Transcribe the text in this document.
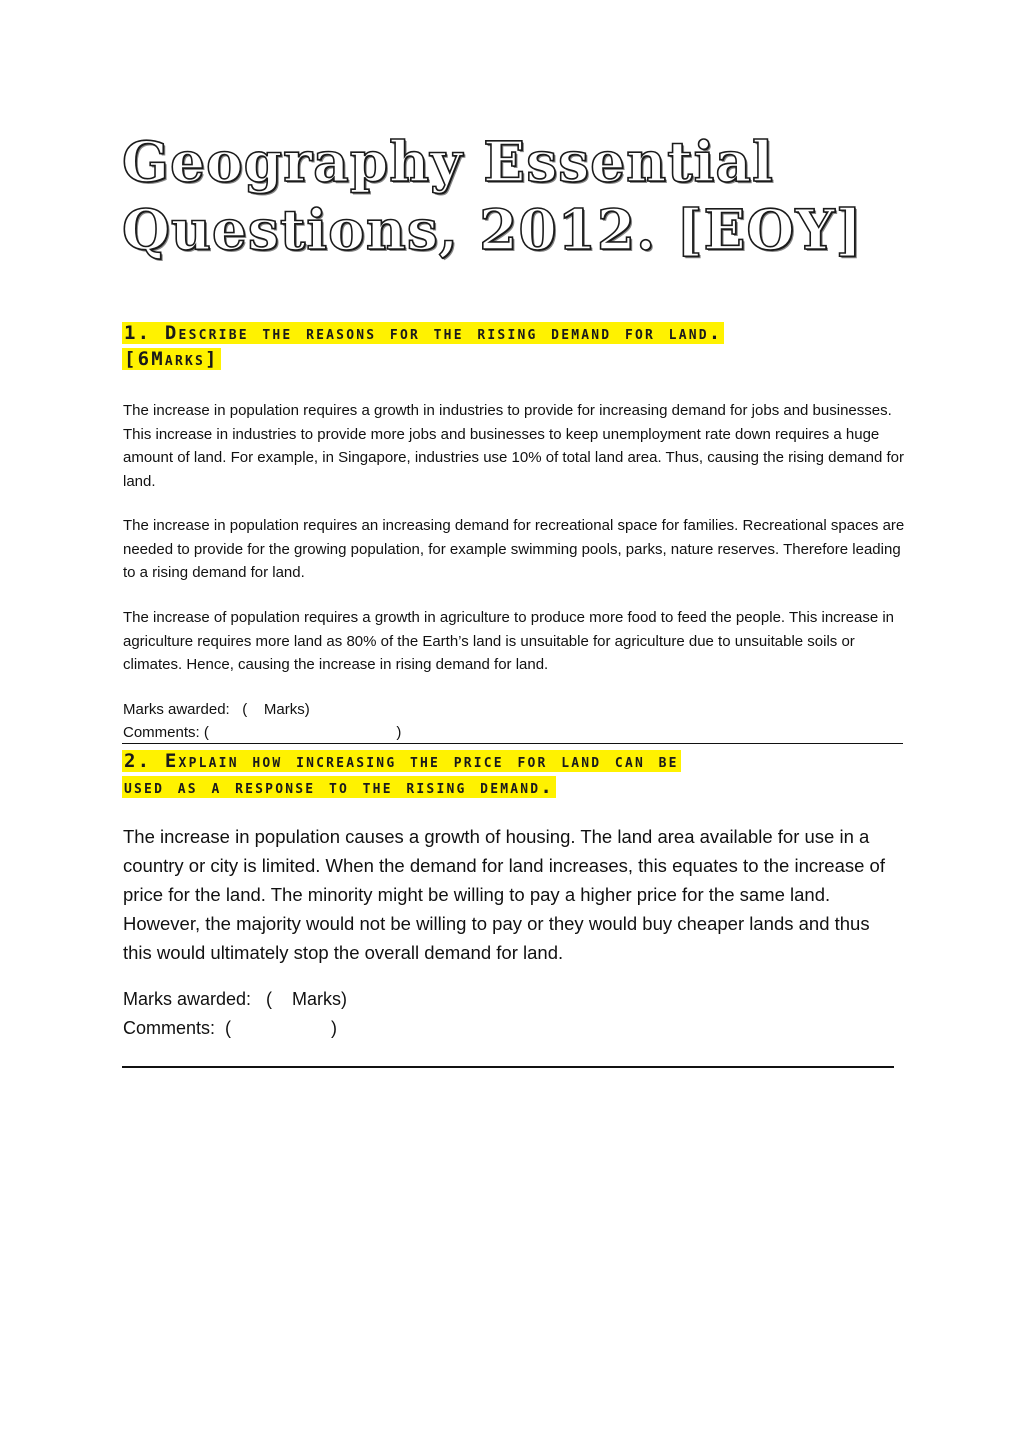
Geography Essential
Questions, 2012. [EOY]
1. Describe the reasons for the rising demand for land.
[6Marks]

The increase in population requires a growth in industries to provide for increasing demand for jobs and businesses. This increase in industries to provide more jobs and businesses to keep unemployment rate down requires a huge amount of land. For example, in Singapore, industries use 10% of total land area. Thus, causing the rising demand for land.

The increase in population requires an increasing demand for recreational space for families. Recreational spaces are needed to provide for the growing population, for example swimming pools, parks, nature reserves. Therefore leading to a rising demand for land.

The increase of population requires a growth in agriculture to produce more food to feed the people. This increase in agriculture requires more land as 80% of the Earth’s land is unsuitable for agriculture due to unsuitable soils or climates. Hence, causing the increase in rising demand for land.

Marks awarded:   (    Marks)

Comments: (                                             )

2. Explain how increasing the price for land can be
used as a response to the rising demand.

The increase in population causes a growth of housing. The land area available for use in a country or city is limited. When the demand for land increases, this equates to the increase of price for the land. The minority might be willing to pay a higher price for the same land. However, the majority would not be willing to pay or they would buy cheaper lands and thus this would ultimately stop the overall demand for land.

Marks awarded:   (    Marks)

Comments:  (                    )
